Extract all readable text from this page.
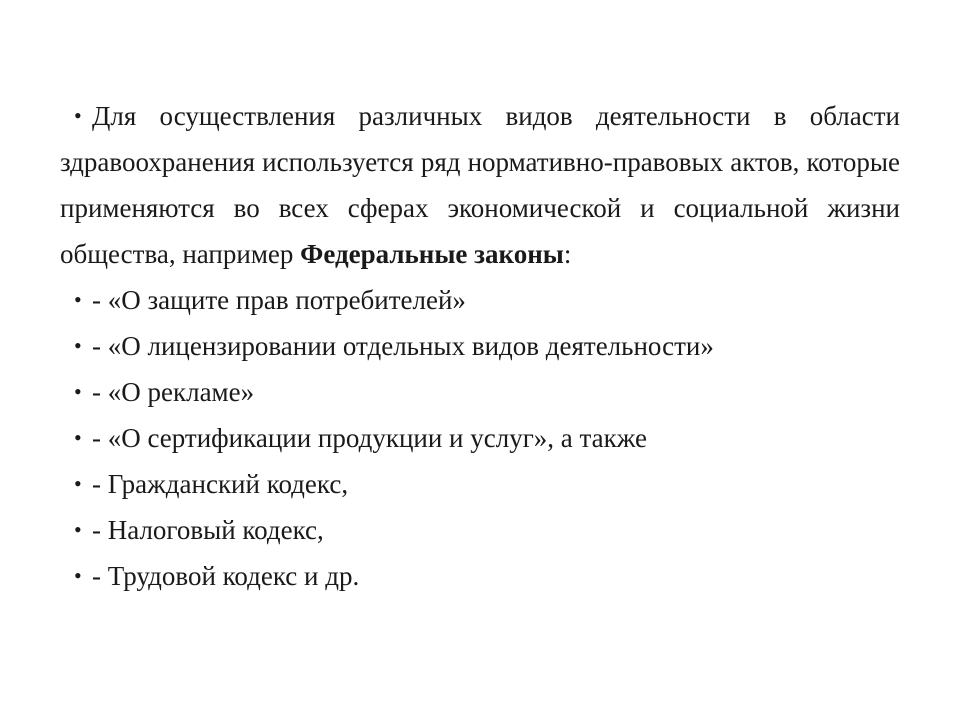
• Для осуществления различных видов деятельности в области здравоохранения используется ряд нормативно-правовых актов, которые применяются во всех сферах экономической и социальной жизни общества, например Федеральные законы:

• - «О защите прав потребителей»
• - «О лицензировании отдельных видов деятельности»
• - «О рекламе»
• - «О сертификации продукции и услуг», а также
• - Гражданский кодекс,
• - Налоговый кодекс,
• - Трудовой кодекс и др.
